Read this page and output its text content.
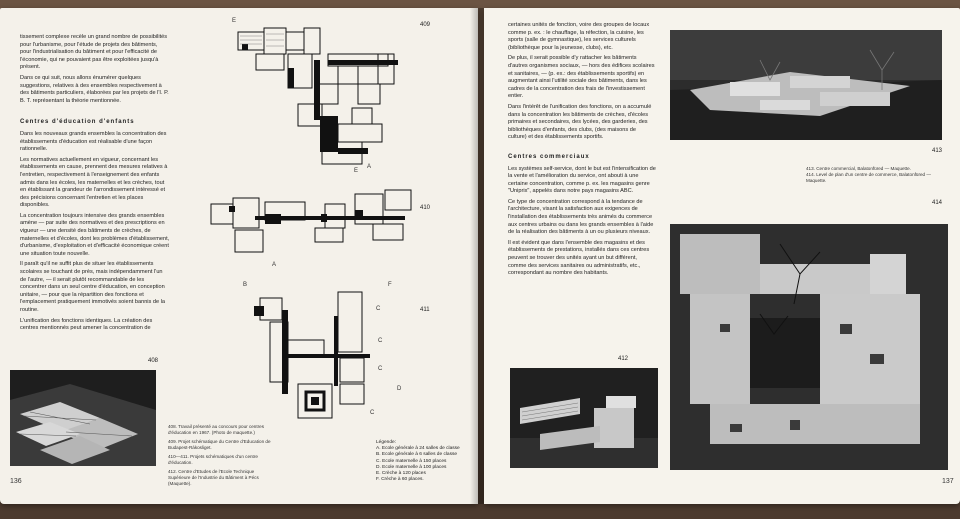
tissement complexe recèle un grand nombre de possibilités pour l'urbanisme, pour l'étude de projets des bâtiments, pour l'industrialisation du bâtiment et pour l'efficacité de l'économie, qui ne pouvaient pas être exploitées jusqu'à présent.

Dans ce qui suit, nous allons énumérer quelques suggestions, relatives à des ensembles respectivement à des bâtiments particuliers, élaborées par les projets de l'I. P. B. T. représentant la théorie mentionnée.

Centres d'éducation d'enfants

Dans les nouveaux grands ensembles la concentration des établissements d'éducation est réalisable d'une façon rationnelle.

Les normatives actuellement en vigueur, concernant les établissements en cause, prennent des mesures relatives à l'entretien, respectivement à l'enseignement des enfants admis dans les écoles, les maternelles et les crèches, tout en établissant la grandeur de l'arrondissement intéressé et des précisions concernant l'entretien et les places disponibles.

La concentration toujours intensive des grands ensembles amène — par suite des normatives et des prescriptions en vigueur — une densité des bâtiments de crèches, de maternelles et d'écoles, dont les problèmes d'établissement, d'urbanisme, d'exploitation et d'efficacité économique créent une situation toute nouvelle.

Il paraît qu'il ne suffit plus de situer les établissements scolaires se touchant de près, mais indépendamment l'un de l'autre, — il serait plutôt recommandable de les concentrer dans un seul centre d'éducation, en conception unitaire, — pour que la répartition des fonctions et l'emplacement pratiquement immotivés soient bannis de la routine.

L'unification des fonctions identiques. La création des centres mentionnés peut amener la concentration de

409
E
A
410
E
A
411
B	F
C
C
C
D
C
Légende:
A. Ecole générale à 24 salles de classe
B. Ecole générale à 6 salles de classe
C. Ecole maternelle à 150 places
D. Ecole maternelle à 100 places
E. Crèche à 120 places
F. Crèche à 60 places.
408
408. Travail présenté au concours pour centres d'éducation en 1967. (Photo de maquette.)
409. Projet schématique du Centre d'Education de Budapest-Rákosliget.
410—411. Projets schématiques d'un centre d'éducation.
412. Centre d'Etudes de l'Ecole Technique Supérieure de l'Industrie du Bâtiment à Pécs (Maquette).
136

certaines unités de fonction, voire des groupes de locaux comme p. ex. : le chauffage, la réfection, la cuisine, les sports (salle de gymnastique), les services culturels (bibliothèque pour la jeunesse, clubs), etc.

De plus, il serait possible d'y rattacher les bâtiments d'autres organismes sociaux, — hors des édifices scolaires et sanitaires, — (p. ex.: des établissements sportifs) en augmentant ainsi l'utilité sociale des bâtiments, dans les cadres de la concentration des frais de l'investissement entier.

Dans l'intérêt de l'unification des fonctions, on a accumulé dans la concentration les bâtiments de crèches, d'écoles primaires et secondaires, des lycées, des garderies, des bibliothèques d'enfants, des clubs, (des maisons de culture) et des établissements sportifs.

Centres commerciaux

Les systèmes self-service, dont le but est l'intensification de la vente et l'amélioration du service, ont abouti à une certaine concentration, comme p. ex. les magasins genre "Uniprix", appelés dans notre pays magasins ABC.

Ce type de concentration correspond à la tendance de l'architecture, visant la satisfaction aux exigences de l'installation des établissements très animés du commerce aux centres urbains ou dans les grands ensembles à l'aide de la réalisation des bâtiments à un ou plusieurs niveaux.

Il est évident que dans l'ensemble des magasins et des établissements de prestations, installés dans ces centres peuvent se trouver des unités ayant un but différent, comme des services sanitaires ou administratifs, etc., correspondant au nombre des habitants.

413
413. Centre commercial, Balatonfüred — Maquette.
414. Level de plan d'un centre de commerce, Balatonfüred — Maquette.
414
412
137
